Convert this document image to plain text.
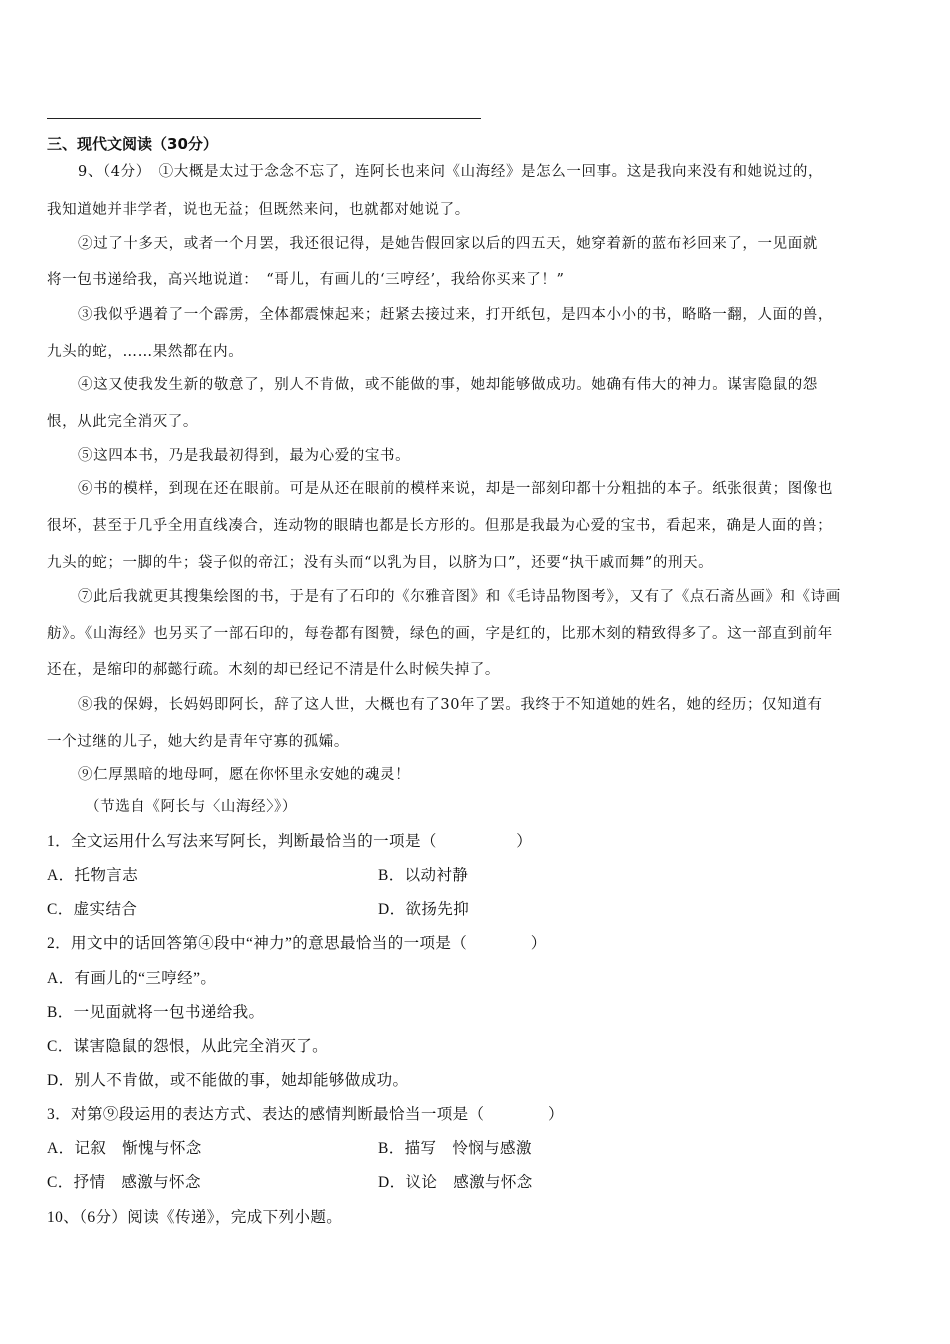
三、现代文阅读（30分）
9、（4分）　①大概是太过于念念不忘了，连阿长也来问《山海经》是怎么一回事。这是我向来没有和她说过的，
我知道她并非学者，说也无益；但既然来问，也就都对她说了。
②过了十多天，或者一个月罢，我还很记得，是她告假回家以后的四五天，她穿着新的蓝布衫回来了，一见面就
将一包书递给我，高兴地说道：　“哥儿，有画儿的‘三哼经’，我给你买来了！”
③我似乎遇着了一个霹雳，全体都震悚起来；赶紧去接过来，打开纸包，是四本小小的书，略略一翻，人面的兽，
九头的蛇，……果然都在内。
④这又使我发生新的敬意了，别人不肯做，或不能做的事，她却能够做成功。她确有伟大的神力。谋害隐鼠的怨
恨，从此完全消灭了。
⑤这四本书，乃是我最初得到，最为心爱的宝书。
⑥书的模样，到现在还在眼前。可是从还在眼前的模样来说，却是一部刻印都十分粗拙的本子。纸张很黄；图像也
很坏，甚至于几乎全用直线凑合，连动物的眼睛也都是长方形的。但那是我最为心爱的宝书，看起来，确是人面的兽；
九头的蛇；一脚的牛；袋子似的帝江；没有头而“以乳为目，以脐为口”，还要“执干戚而舞”的刑天。
⑦此后我就更其搜集绘图的书，于是有了石印的《尔雅音图》和《毛诗品物图考》，又有了《点石斋丛画》和《诗画
舫》。《山海经》也另买了一部石印的，每卷都有图赞，绿色的画，字是红的，比那木刻的精致得多了。这一部直到前年
还在，是缩印的郝懿行疏。木刻的却已经记不清是什么时候失掉了。
⑧我的保姆，长妈妈即阿长，辞了这人世，大概也有了30年了罢。我终于不知道她的姓名，她的经历；仅知道有
一个过继的儿子，她大约是青年守寡的孤孀。
⑨仁厚黑暗的地母呵，愿在你怀里永安她的魂灵！
（节选自《阿长与〈山海经〉》）
1．全文运用什么写法来写阿长，判断最恰当的一项是（　　　　　）
A．托物言志	B．以动衬静
C．虚实结合	D．欲扬先抑
2．用文中的话回答第④段中“神力”的意思最恰当的一项是（　　　　）
A．有画儿的“三哼经”。
B．一见面就将一包书递给我。
C．谋害隐鼠的怨恨，从此完全消灭了。
D．别人不肯做，或不能做的事，她却能够做成功。
3．对第⑨段运用的表达方式、表达的感情判断最恰当一项是（　　　　）
A．记叙　惭愧与怀念	B．描写　怜悯与感激
C．抒情　感激与怀念	D．议论　感激与怀念
10、（6分）阅读《传递》，完成下列小题。
